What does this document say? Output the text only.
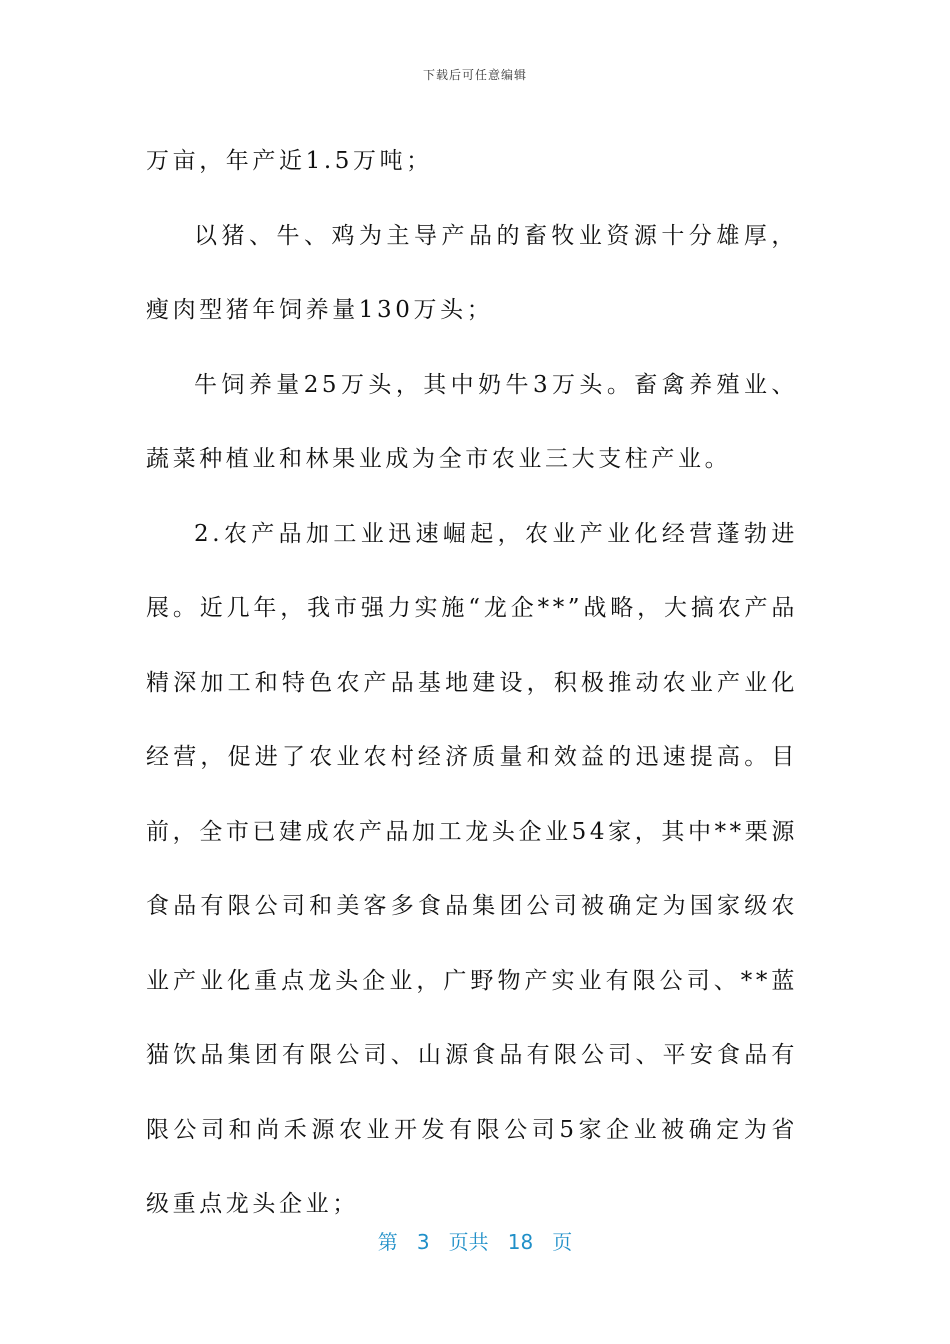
下载后可任意编辑

万亩，年产近1.5万吨；

以猪、牛、鸡为主导产品的畜牧业资源十分雄厚，瘦肉型猪年饲养量130万头；

牛饲养量25万头，其中奶牛3万头。畜禽养殖业、蔬菜种植业和林果业成为全市农业三大支柱产业。

2.农产品加工业迅速崛起，农业产业化经营蓬勃进展。近几年，我市强力实施“龙企**”战略，大搞农产品精深加工和特色农产品基地建设，积极推动农业产业化经营，促进了农业农村经济质量和效益的迅速提高。目前，全市已建成农产品加工龙头企业54家，其中**栗源食品有限公司和美客多食品集团公司被确定为国家级农业产业化重点龙头企业，广野物产实业有限公司、**蓝猫饮品集团有限公司、山源食品有限公司、平安食品有限公司和尚禾源农业开发有限公司5家企业被确定为省级重点龙头企业；

第 3 页共 18 页
